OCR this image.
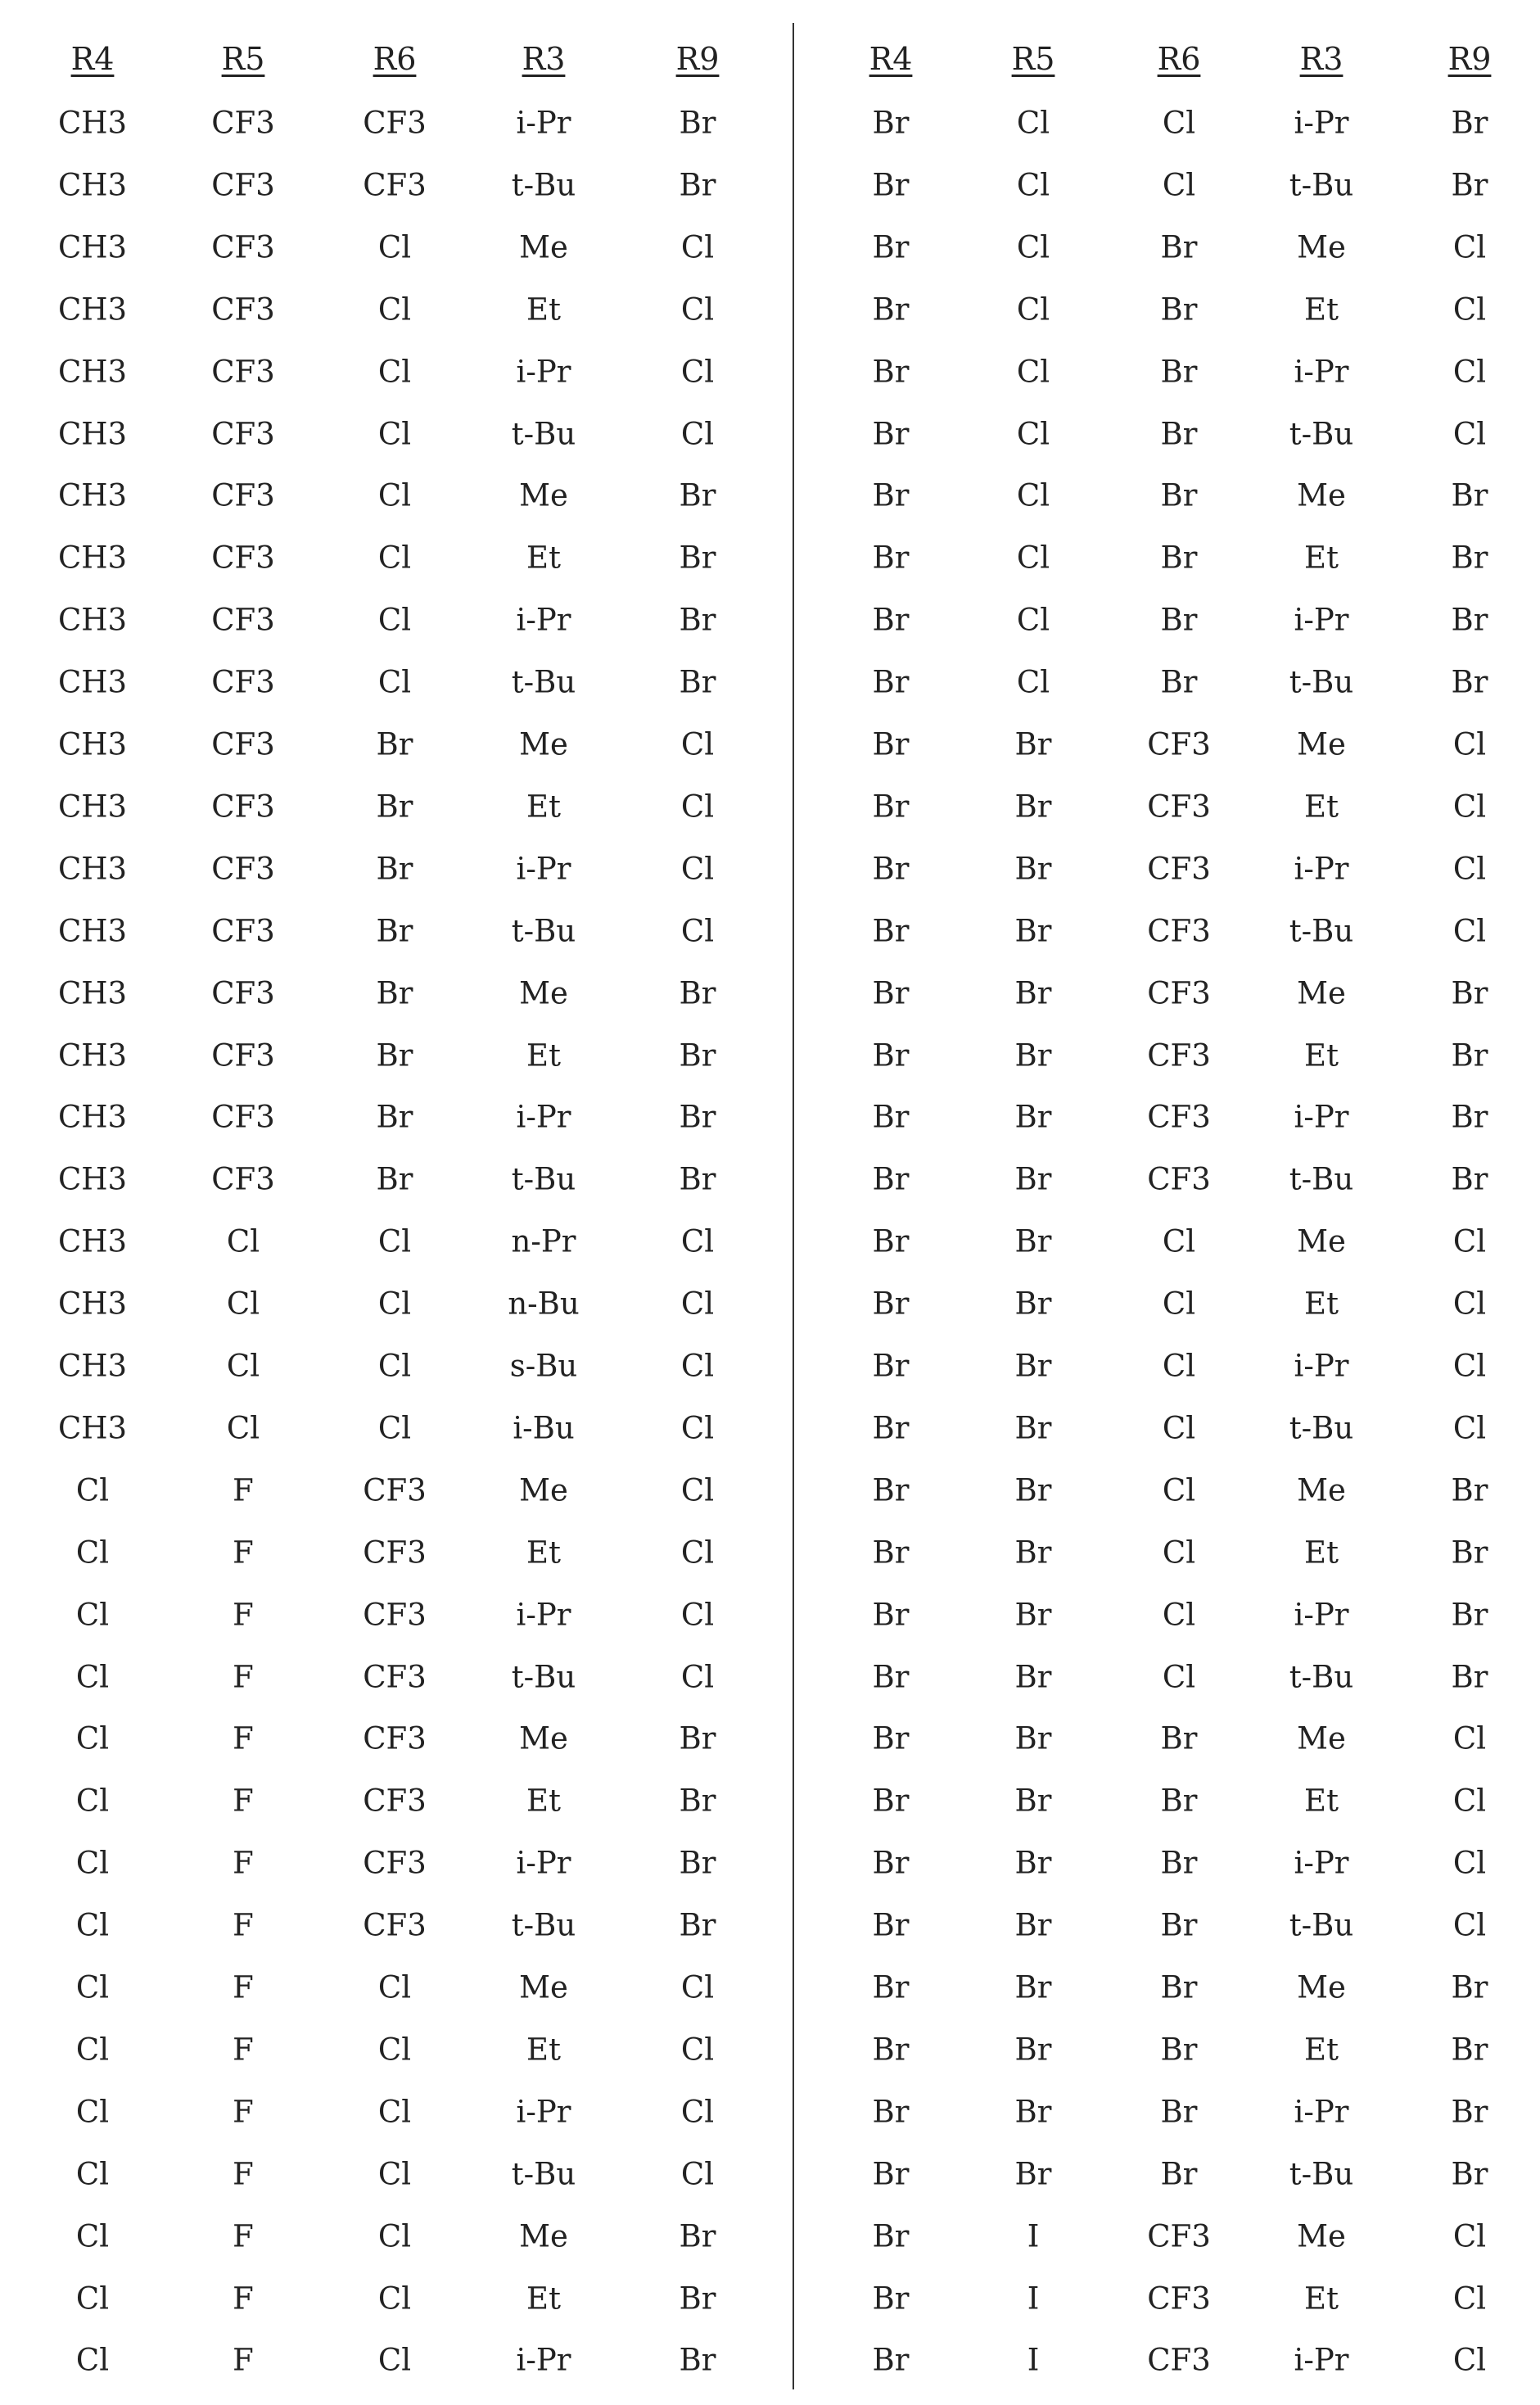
R4	R5	R6	R3	R9
CH3	CF3	CF3	i-Pr	Br
CH3	CF3	CF3	t-Bu	Br
CH3	CF3	Cl	Me	Cl
CH3	CF3	Cl	Et	Cl
CH3	CF3	Cl	i-Pr	Cl
CH3	CF3	Cl	t-Bu	Cl
CH3	CF3	Cl	Me	Br
CH3	CF3	Cl	Et	Br
CH3	CF3	Cl	i-Pr	Br
CH3	CF3	Cl	t-Bu	Br
CH3	CF3	Br	Me	Cl
CH3	CF3	Br	Et	Cl
CH3	CF3	Br	i-Pr	Cl
CH3	CF3	Br	t-Bu	Cl
CH3	CF3	Br	Me	Br
CH3	CF3	Br	Et	Br
CH3	CF3	Br	i-Pr	Br
CH3	CF3	Br	t-Bu	Br
CH3	Cl	Cl	n-Pr	Cl
CH3	Cl	Cl	n-Bu	Cl
CH3	Cl	Cl	s-Bu	Cl
CH3	Cl	Cl	i-Bu	Cl
Cl	F	CF3	Me	Cl
Cl	F	CF3	Et	Cl
Cl	F	CF3	i-Pr	Cl
Cl	F	CF3	t-Bu	Cl
Cl	F	CF3	Me	Br
Cl	F	CF3	Et	Br
Cl	F	CF3	i-Pr	Br
Cl	F	CF3	t-Bu	Br
Cl	F	Cl	Me	Cl
Cl	F	Cl	Et	Cl
Cl	F	Cl	i-Pr	Cl
Cl	F	Cl	t-Bu	Cl
Cl	F	Cl	Me	Br
Cl	F	Cl	Et	Br
Cl	F	Cl	i-Pr	Br
R4	R5	R6	R3	R9
Br	Cl	Cl	i-Pr	Br
Br	Cl	Cl	t-Bu	Br
Br	Cl	Br	Me	Cl
Br	Cl	Br	Et	Cl
Br	Cl	Br	i-Pr	Cl
Br	Cl	Br	t-Bu	Cl
Br	Cl	Br	Me	Br
Br	Cl	Br	Et	Br
Br	Cl	Br	i-Pr	Br
Br	Cl	Br	t-Bu	Br
Br	Br	CF3	Me	Cl
Br	Br	CF3	Et	Cl
Br	Br	CF3	i-Pr	Cl
Br	Br	CF3	t-Bu	Cl
Br	Br	CF3	Me	Br
Br	Br	CF3	Et	Br
Br	Br	CF3	i-Pr	Br
Br	Br	CF3	t-Bu	Br
Br	Br	Cl	Me	Cl
Br	Br	Cl	Et	Cl
Br	Br	Cl	i-Pr	Cl
Br	Br	Cl	t-Bu	Cl
Br	Br	Cl	Me	Br
Br	Br	Cl	Et	Br
Br	Br	Cl	i-Pr	Br
Br	Br	Cl	t-Bu	Br
Br	Br	Br	Me	Cl
Br	Br	Br	Et	Cl
Br	Br	Br	i-Pr	Cl
Br	Br	Br	t-Bu	Cl
Br	Br	Br	Me	Br
Br	Br	Br	Et	Br
Br	Br	Br	i-Pr	Br
Br	Br	Br	t-Bu	Br
Br	I	CF3	Me	Cl
Br	I	CF3	Et	Cl
Br	I	CF3	i-Pr	Cl
